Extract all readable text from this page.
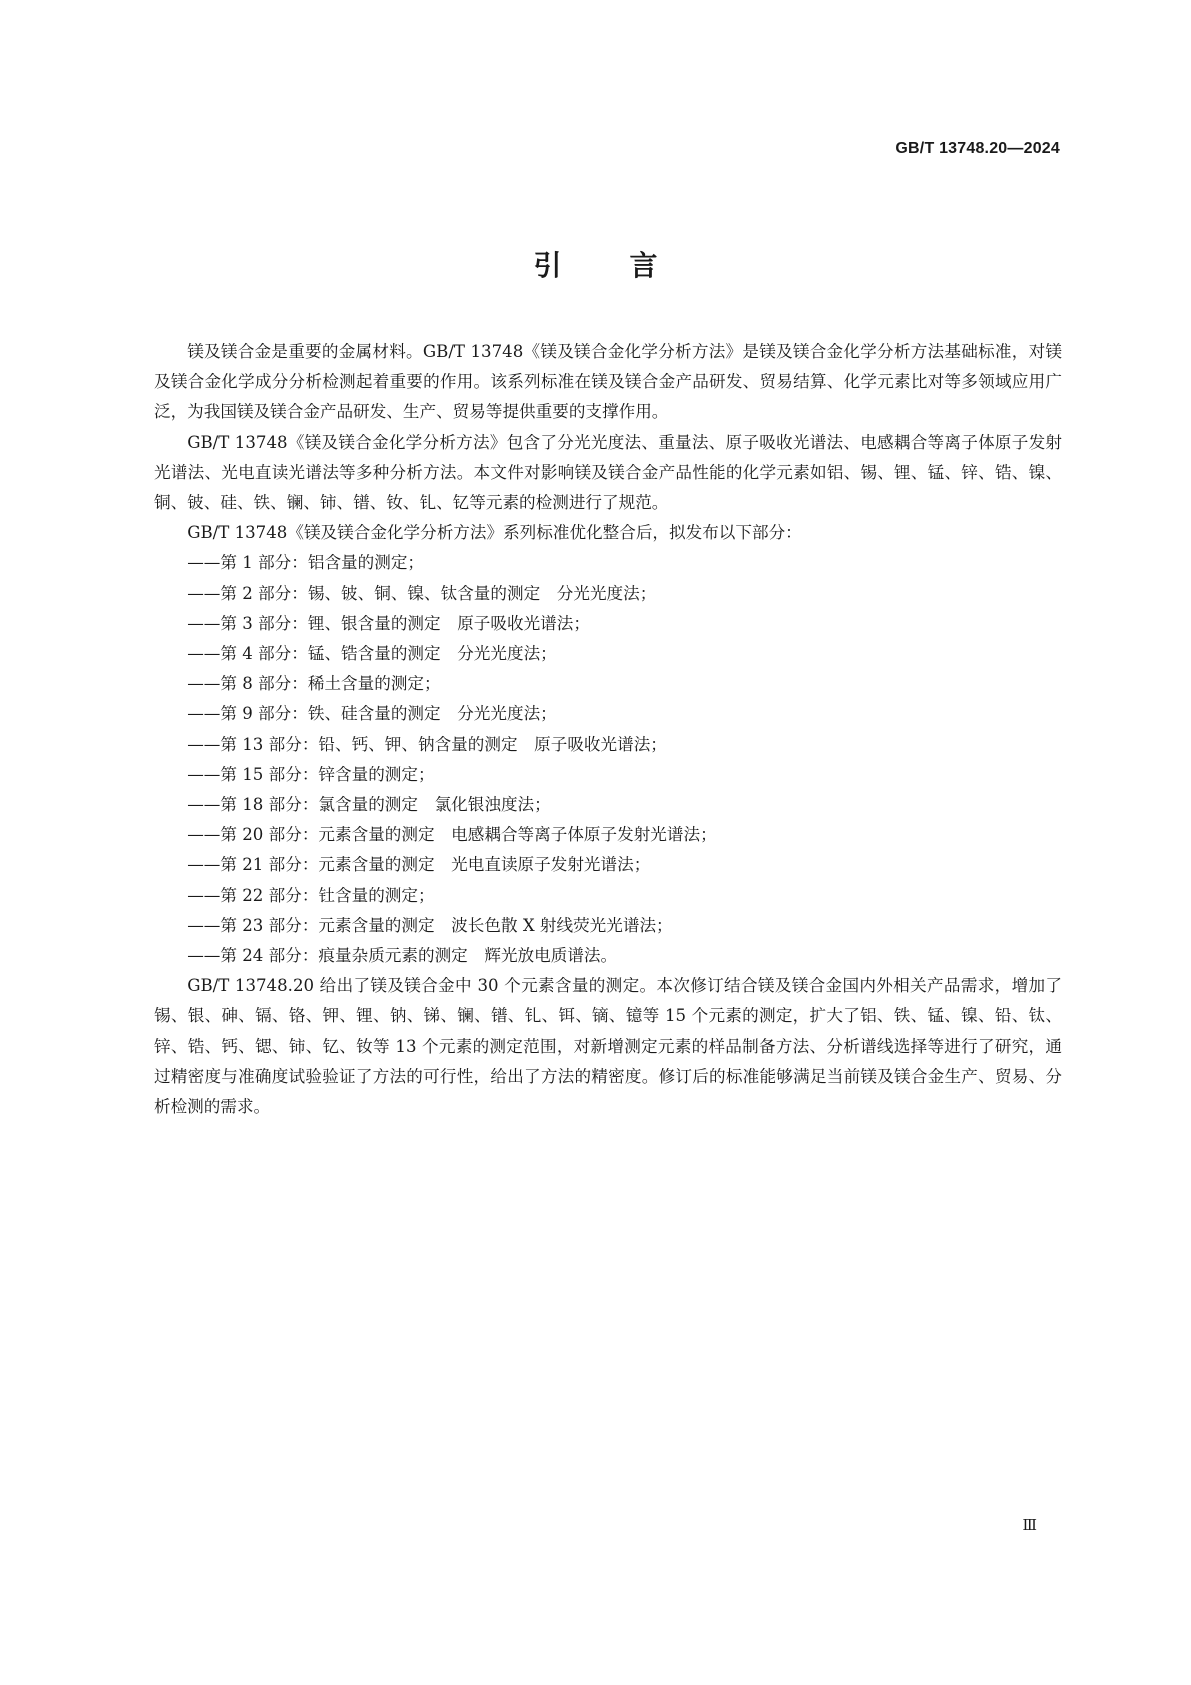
GB/T 13748.20—2024
引言

镁及镁合金是重要的金属材料。GB/T 13748《镁及镁合金化学分析方法》是镁及镁合金化学分析方法基础标准，对镁及镁合金化学成分分析检测起着重要的作用。该系列标准在镁及镁合金产品研发、贸易结算、化学元素比对等多领域应用广泛，为我国镁及镁合金产品研发、生产、贸易等提供重要的支撑作用。

GB/T 13748《镁及镁合金化学分析方法》包含了分光光度法、重量法、原子吸收光谱法、电感耦合等离子体原子发射光谱法、光电直读光谱法等多种分析方法。本文件对影响镁及镁合金产品性能的化学元素如铝、锡、锂、锰、锌、锆、镍、铜、铍、硅、铁、镧、铈、镨、钕、钆、钇等元素的检测进行了规范。

GB/T 13748《镁及镁合金化学分析方法》系列标准优化整合后，拟发布以下部分：

——第 1 部分：铝含量的测定；
——第 2 部分：锡、铍、铜、镍、钛含量的测定　分光光度法；
——第 3 部分：锂、银含量的测定　原子吸收光谱法；
——第 4 部分：锰、锆含量的测定　分光光度法；
——第 8 部分：稀土含量的测定；
——第 9 部分：铁、硅含量的测定　分光光度法；
——第 13 部分：铅、钙、钾、钠含量的测定　原子吸收光谱法；
——第 15 部分：锌含量的测定；
——第 18 部分：氯含量的测定　氯化银浊度法；
——第 20 部分：元素含量的测定　电感耦合等离子体原子发射光谱法；
——第 21 部分：元素含量的测定　光电直读原子发射光谱法；
——第 22 部分：钍含量的测定；
——第 23 部分：元素含量的测定　波长色散 X 射线荧光光谱法；
——第 24 部分：痕量杂质元素的测定　辉光放电质谱法。

GB/T 13748.20 给出了镁及镁合金中 30 个元素含量的测定。本次修订结合镁及镁合金国内外相关产品需求，增加了锡、银、砷、镉、铬、钾、锂、钠、锑、镧、镨、钆、铒、镝、镱等 15 个元素的测定，扩大了铝、铁、锰、镍、铅、钛、锌、锆、钙、锶、铈、钇、钕等 13 个元素的测定范围，对新增测定元素的样品制备方法、分析谱线选择等进行了研究，通过精密度与准确度试验验证了方法的可行性，给出了方法的精密度。修订后的标准能够满足当前镁及镁合金生产、贸易、分析检测的需求。

Ⅲ
